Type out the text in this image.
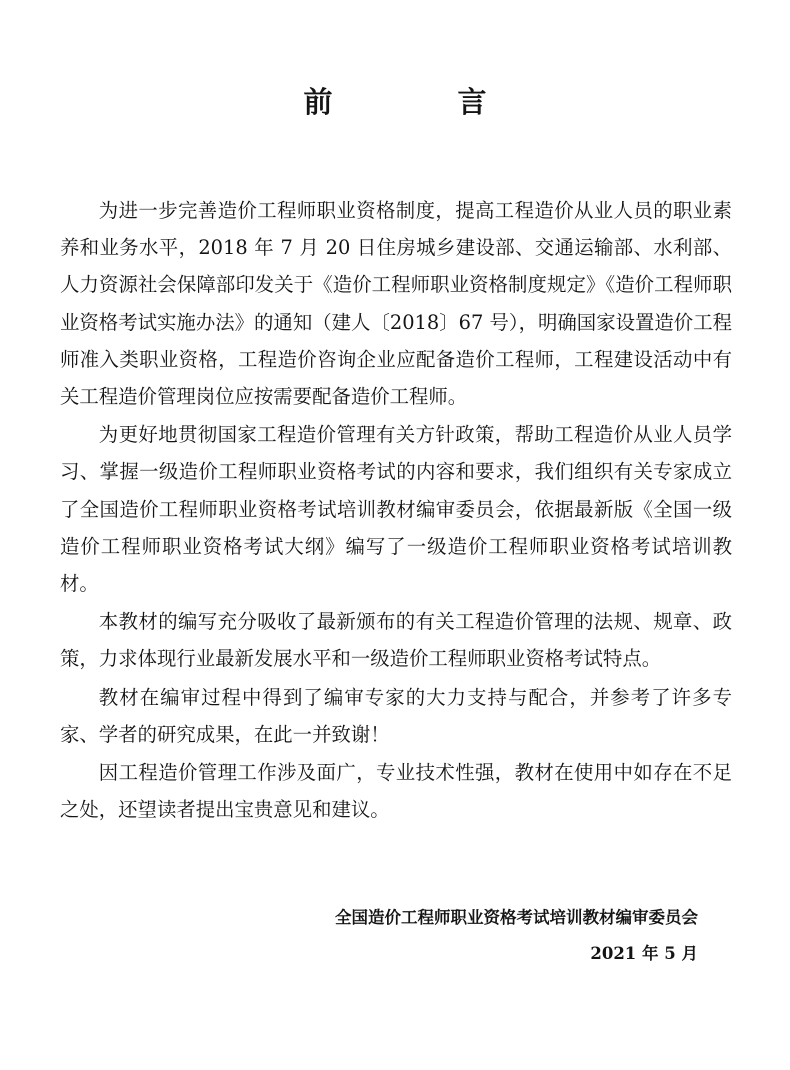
前　言

为进一步完善造价工程师职业资格制度，提高工程造价从业人员的职业素养和业务水平，2018 年 7 月 20 日住房城乡建设部、交通运输部、水利部、人力资源社会保障部印发关于《造价工程师职业资格制度规定》《造价工程师职业资格考试实施办法》的通知（建人〔2018〕67 号），明确国家设置造价工程师准入类职业资格，工程造价咨询企业应配备造价工程师，工程建设活动中有关工程造价管理岗位应按需要配备造价工程师。

为更好地贯彻国家工程造价管理有关方针政策，帮助工程造价从业人员学习、掌握一级造价工程师职业资格考试的内容和要求，我们组织有关专家成立了全国造价工程师职业资格考试培训教材编审委员会，依据最新版《全国一级造价工程师职业资格考试大纲》编写了一级造价工程师职业资格考试培训教材。

本教材的编写充分吸收了最新颁布的有关工程造价管理的法规、规章、政策，力求体现行业最新发展水平和一级造价工程师职业资格考试特点。

教材在编审过程中得到了编审专家的大力支持与配合，并参考了许多专家、学者的研究成果，在此一并致谢！

因工程造价管理工作涉及面广，专业技术性强，教材在使用中如存在不足之处，还望读者提出宝贵意见和建议。

全国造价工程师职业资格考试培训教材编审委员会
2021 年 5 月
